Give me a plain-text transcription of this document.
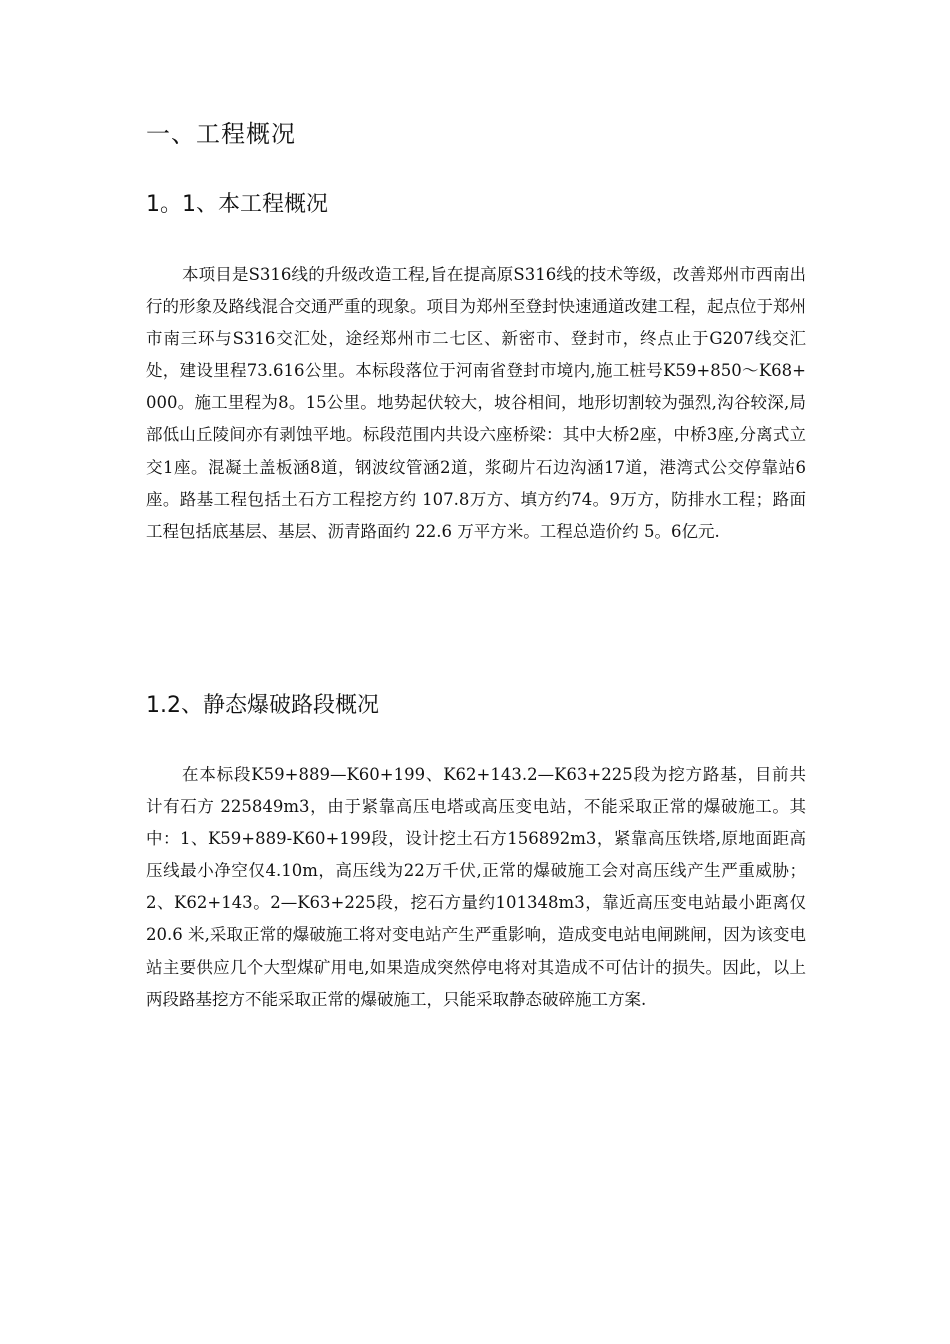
一、工程概况
1。1、本工程概况

本项目是S316线的升级改造工程,旨在提高原S316线的技术等级，改善郑州市西南出行的形象及路线混合交通严重的现象。项目为郑州至登封快速通道改建工程，起点位于郑州市南三环与S316交汇处，途经郑州市二七区、新密市、登封市，终点止于G207线交汇处，建设里程73.616公里。本标段落位于河南省登封市境内,施工桩号K59+850～K68+000。施工里程为8。15公里。地势起伏较大，坡谷相间，地形切割较为强烈,沟谷较深,局部低山丘陵间亦有剥蚀平地。标段范围内共设六座桥梁：其中大桥2座，中桥3座,分离式立交1座。混凝土盖板涵8道，钢波纹管涵2道，浆砌片石边沟涵17道，港湾式公交停靠站6座。路基工程包括土石方工程挖方约 107.8万方、填方约74。9万方，防排水工程；路面工程包括底基层、基层、沥青路面约 22.6 万平方米。工程总造价约 5。6亿元.

1.2、静态爆破路段概况

在本标段K59+889—K60+199、K62+143.2—K63+225段为挖方路基，目前共计有石方 225849m3，由于紧靠高压电塔或高压变电站，不能采取正常的爆破施工。其中：1、K59+889-K60+199段，设计挖土石方156892m3，紧靠高压铁塔,原地面距高压线最小净空仅4.10m，高压线为22万千伏,正常的爆破施工会对高压线产生严重威胁； 2、K62+143。2—K63+225段，挖石方量约101348m3，靠近高压变电站最小距离仅 20.6 米,采取正常的爆破施工将对变电站产生严重影响，造成变电站电闸跳闸，因为该变电站主要供应几个大型煤矿用电,如果造成突然停电将对其造成不可估计的损失。因此，以上两段路基挖方不能采取正常的爆破施工，只能采取静态破碎施工方案.
